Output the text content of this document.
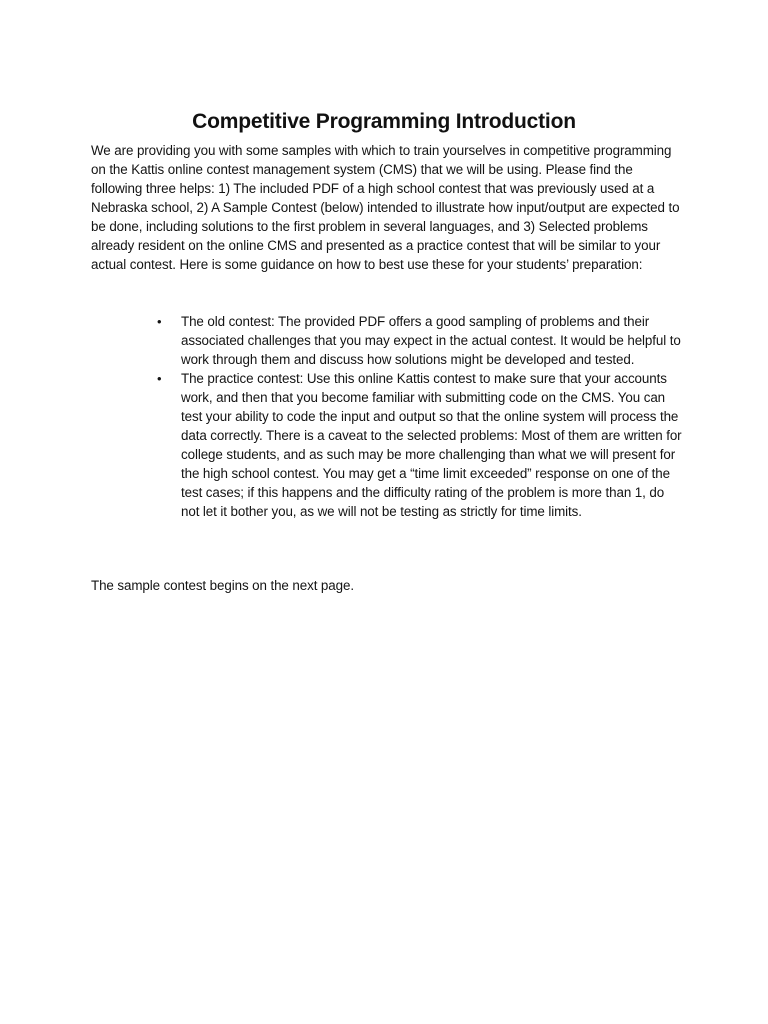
Competitive Programming Introduction

We are providing you with some samples with which to train yourselves in competitive programming on the Kattis online contest management system (CMS) that we will be using. Please find the following three helps: 1) The included PDF of a high school contest that was previously used at a Nebraska school, 2) A Sample Contest (below) intended to illustrate how input/output are expected to be done, including solutions to the first problem in several languages, and 3) Selected problems already resident on the online CMS and presented as a practice contest that will be similar to your actual contest. Here is some guidance on how to best use these for your students’ preparation:

• The old contest: The provided PDF offers a good sampling of problems and their associated challenges that you may expect in the actual contest. It would be helpful to work through them and discuss how solutions might be developed and tested.
• The practice contest: Use this online Kattis contest to make sure that your accounts work, and then that you become familiar with submitting code on the CMS. You can test your ability to code the input and output so that the online system will process the data correctly. There is a caveat to the selected problems: Most of them are written for college students, and as such may be more challenging than what we will present for the high school contest. You may get a “time limit exceeded” response on one of the test cases; if this happens and the difficulty rating of the problem is more than 1, do not let it bother you, as we will not be testing as strictly for time limits.

The sample contest begins on the next page.
